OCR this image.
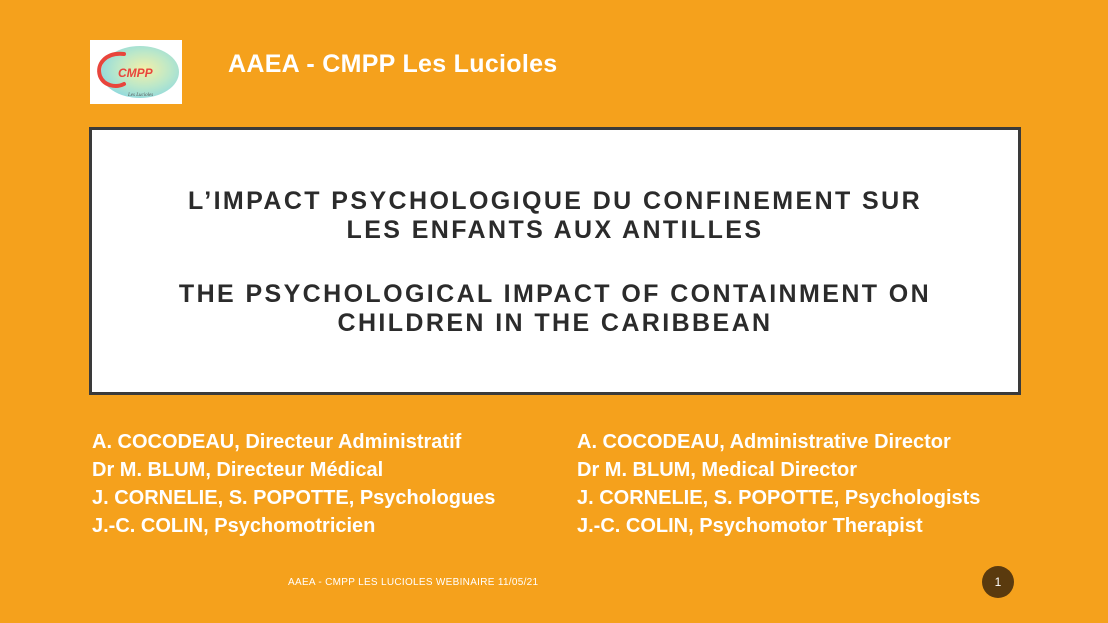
CMPP
Les Lucioles
AAEA - CMPP Les Lucioles
L’IMPACT PSYCHOLOGIQUE DU CONFINEMENT SUR
LES ENFANTS AUX ANTILLES
THE PSYCHOLOGICAL IMPACT OF CONTAINMENT ON
CHILDREN IN THE CARIBBEAN
A. COCODEAU, Directeur Administratif
Dr M. BLUM, Directeur Médical
J. CORNELIE, S. POPOTTE, Psychologues
J.-C. COLIN, Psychomotricien
A. COCODEAU, Administrative Director
Dr M. BLUM, Medical Director
J. CORNELIE, S. POPOTTE, Psychologists
J.-C. COLIN, Psychomotor Therapist
AAEA - CMPP LES LUCIOLES WEBINAIRE 11/05/21	1
